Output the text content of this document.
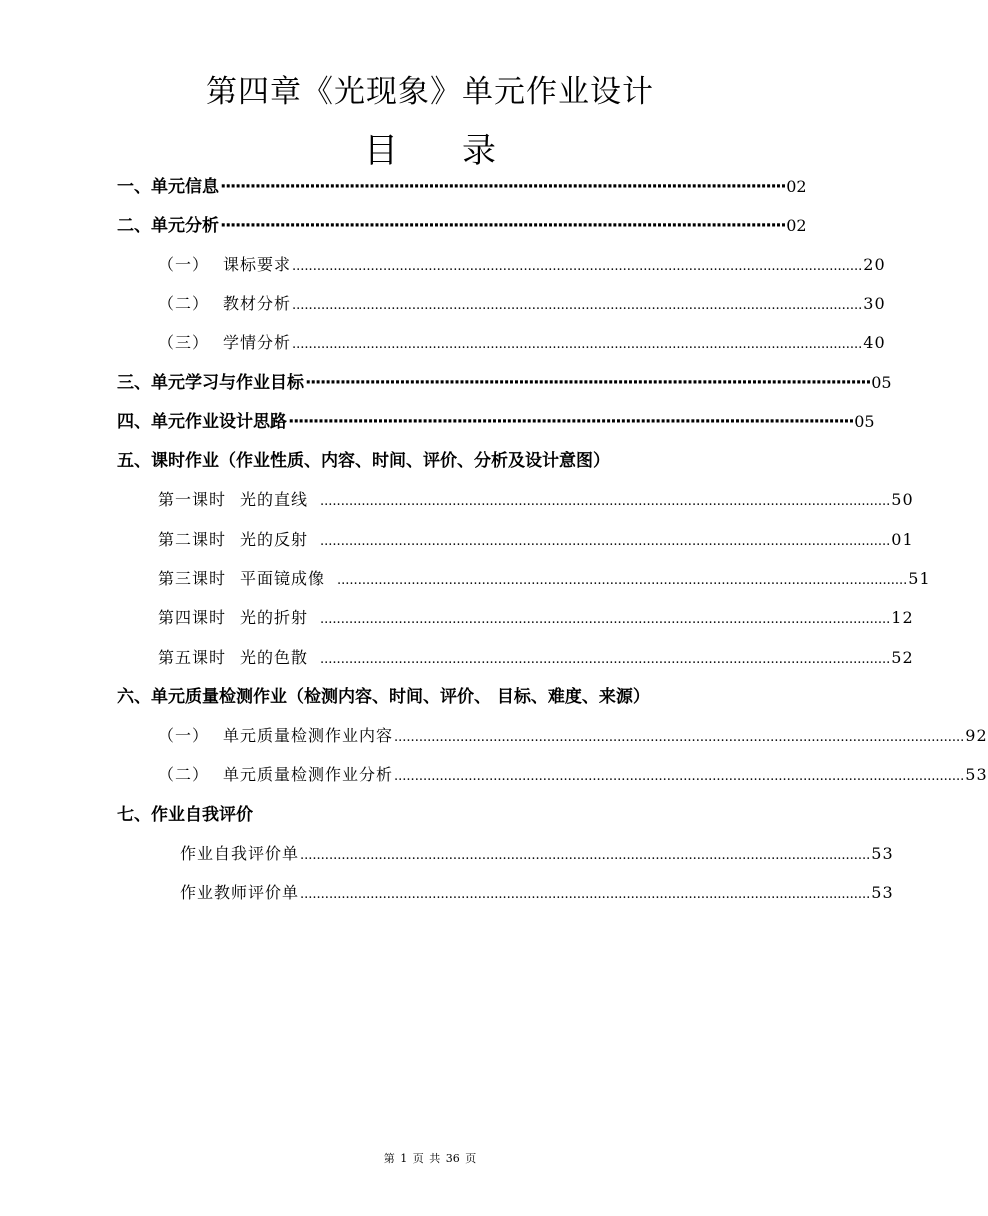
第四章《光现象》单元作业设计
目 录
一、单元信息 ·················································································································· 02
二、单元分析 ·················································································································· 02
（一） 课标要求 .......................................................................................................................................... 20
（二） 教材分析 .......................................................................................................................................... 30
（三） 学情分析 .......................................................................................................................................... 40
三、单元学习与作业目标 ·················································································································· 05
四、单元作业设计思路 ·················································································································· 05
五、课时作业（作业性质、内容、时间、评价、分析及设计意图）
第一课时 光的直线 .......................................................................................................................................... 50
第二课时 光的反射 .......................................................................................................................................... 01
第三课时 平面镜成像 .......................................................................................................................................... 51
第四课时 光的折射 .......................................................................................................................................... 12
第五课时 光的色散 .......................................................................................................................................... 52
六、单元质量检测作业（检测内容、时间、评价、 目标、难度、来源）
（一） 单元质量检测作业内容 .......................................................................................................................................... 92
（二） 单元质量检测作业分析 .......................................................................................................................................... 53
七、作业自我评价
作业自我评价单 .......................................................................................................................................... 53
作业教师评价单 .......................................................................................................................................... 53
第 1 页 共 36 页
